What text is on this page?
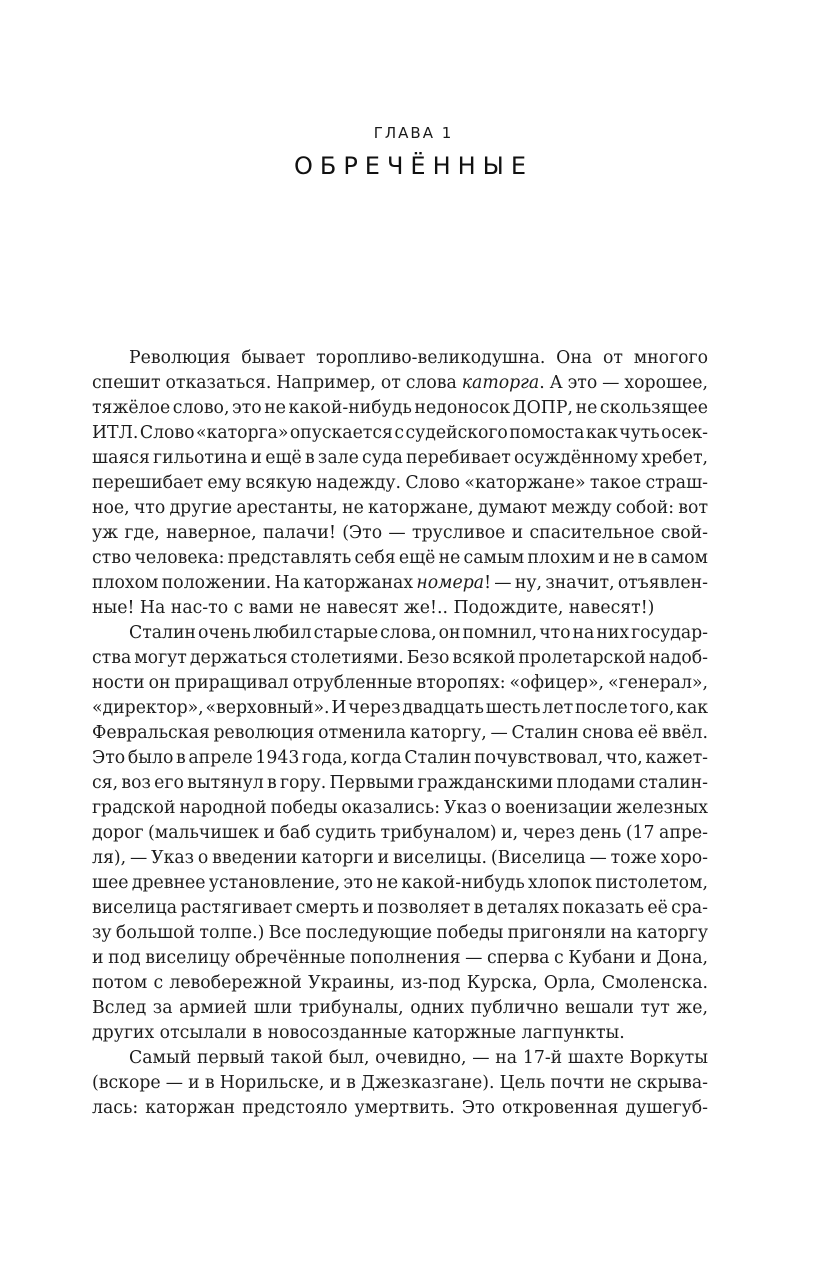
ГЛАВА 1
ОБРЕЧЁННЫЕ
Революция бывает торопливо-великодушна. Она от многого
спешит отказаться. Например, от слова каторга. А это — хорошее,
тяжёлое слово, это не какой-нибудь недоносок ДОПР, не скользящее
ИТЛ. Слово «каторга» опускается с судейского помоста как чуть осек-
шаяся гильотина и ещё в зале суда перебивает осуждённому хребет,
перешибает ему всякую надежду. Слово «каторжане» такое страш-
ное, что другие арестанты, не каторжане, думают между собой: вот
уж где, наверное, палачи! (Это — трусливое и спасительное свой-
ство человека: представлять себя ещё не самым плохим и не в самом
плохом положении. На каторжанах номера! — ну, значит, отъявлен-
ные! На нас-то с вами не навесят же!.. Подождите, навесят!)
Сталин очень любил старые слова, он помнил, что на них государ-
ства могут держаться столетиями. Безо всякой пролетарской надоб-
ности он приращивал отрубленные второпях: «офицер», «генерал»,
«директор», «верховный». И через двадцать шесть лет после того, как
Февральская революция отменила каторгу, — Сталин снова её ввёл.
Это было в апреле 1943 года, когда Сталин почувствовал, что, кажет-
ся, воз его вытянул в гору. Первыми гражданскими плодами сталин-
градской народной победы оказались: Указ о военизации железных
дорог (мальчишек и баб судить трибуналом) и, через день (17 апре-
ля), — Указ о введении каторги и виселицы. (Виселица — тоже хоро-
шее древнее установление, это не какой-нибудь хлопок пистолетом,
виселица растягивает смерть и позволяет в деталях показать её сра-
зу большой толпе.) Все последующие победы пригоняли на каторгу
и под виселицу обречённые пополнения — сперва с Кубани и Дона,
потом с левобережной Украины, из-под Курска, Орла, Смоленска.
Вслед за армией шли трибуналы, одних публично вешали тут же,
других отсылали в новосозданные каторжные лагпункты.
Самый первый такой был, очевидно, — на 17-й шахте Воркуты
(вскоре — и в Норильске, и в Джезказгане). Цель почти не скрыва-
лась: каторжан предстояло умертвить. Это откровенная душегуб-
